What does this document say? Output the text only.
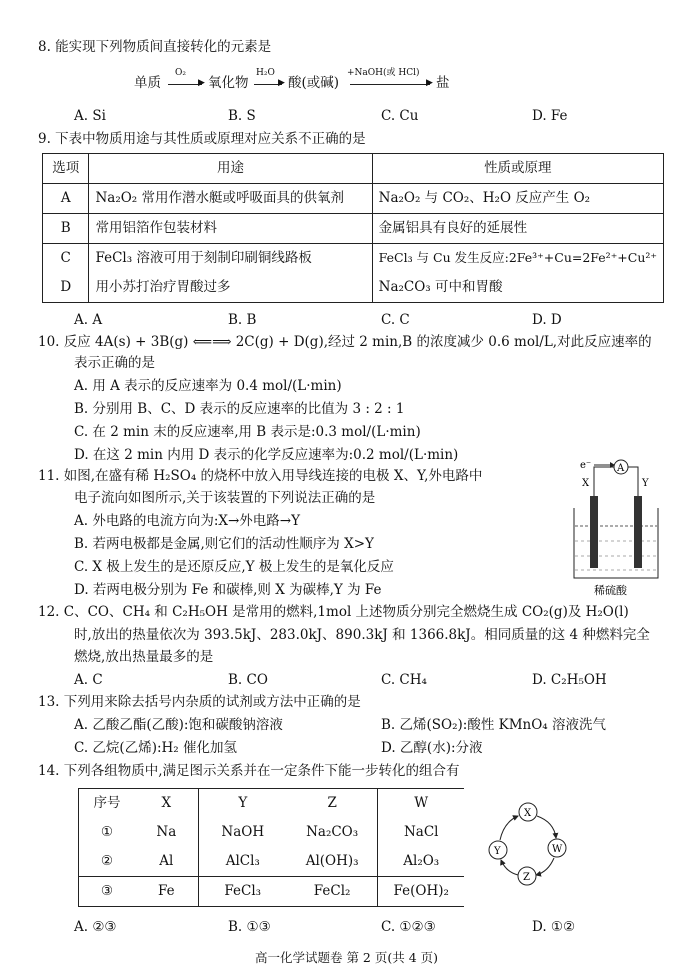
8. 能实现下列物质间直接转化的元素是
单质
O₂
▶ 氧化物
H₂O
▶ 酸(或碱)
+NaOH(或 HCl)
▶ 盐
A. Si	B. S	C. Cu	D. Fe
9. 下表中物质用途与其性质或原理对应关系不正确的是
选项	用途	性质或原理
A	Na₂O₂ 常用作潜水艇或呼吸面具的供氧剂	Na₂O₂ 与 CO₂、H₂O 反应产生 O₂
B	常用铝箔作包装材料	金属铝具有良好的延展性
C	FeCl₃ 溶液可用于刻制印刷铜线路板	FeCl₃ 与 Cu 发生反应:2Fe³⁺+Cu=2Fe²⁺+Cu²⁺
D	用小苏打治疗胃酸过多	Na₂CO₃ 可中和胃酸
A. A	B. B	C. C	D. D
10. 反应 4A(s) + 3B(g) ⟸⟹ 2C(g) + D(g),经过 2 min,B 的浓度减少 0.6 mol/L,对此反应速率的
表示正确的是
A. 用 A 表示的反应速率为 0.4 mol/(L·min)
B. 分别用 B、C、D 表示的反应速率的比值为 3 : 2 : 1
C. 在 2 min 末的反应速率,用 B 表示是:0.3 mol/(L·min)
D. 在这 2 min 内用 D 表示的化学反应速率为:0.2 mol/(L·min)
11. 如图,在盛有稀 H₂SO₄ 的烧杯中放入用导线连接的电极 X、Y,外电路中
电子流向如图所示,关于该装置的下列说法正确的是
A. 外电路的电流方向为:X→外电路→Y
B. 若两电极都是金属,则它们的活动性顺序为 X>Y
C. X 极上发生的是还原反应,Y 极上发生的是氧化反应
D. 若两电极分别为 Fe 和碳棒,则 X 为碳棒,Y 为 Fe
e⁻	A
X	Y
稀硫酸
12. C、CO、CH₄ 和 C₂H₅OH 是常用的燃料,1mol 上述物质分别完全燃烧生成 CO₂(g)及 H₂O(l)
时,放出的热量依次为 393.5kJ、283.0kJ、890.3kJ 和 1366.8kJ。相同质量的这 4 种燃料完全
燃烧,放出热量最多的是
A. C	B. CO	C. CH₄	D. C₂H₅OH
13. 下列用来除去括号内杂质的试剂或方法中正确的是
A. 乙酸乙酯(乙酸):饱和碳酸钠溶液	B. 乙烯(SO₂):酸性 KMnO₄ 溶液洗气
C. 乙烷(乙烯):H₂ 催化加氢	D. 乙醇(水):分液
14. 下列各组物质中,满足图示关系并在一定条件下能一步转化的组合有
序号	X	Y	Z	W
①	Na	NaOH	Na₂CO₃	NaCl
②	Al	AlCl₃	Al(OH)₃	Al₂O₃
③	Fe	FeCl₃	FeCl₂	Fe(OH)₂
X
W
Z
Y
A. ②③	B. ①③	C. ①②③	D. ①②
高一化学试题卷 第 2 页(共 4 页)
